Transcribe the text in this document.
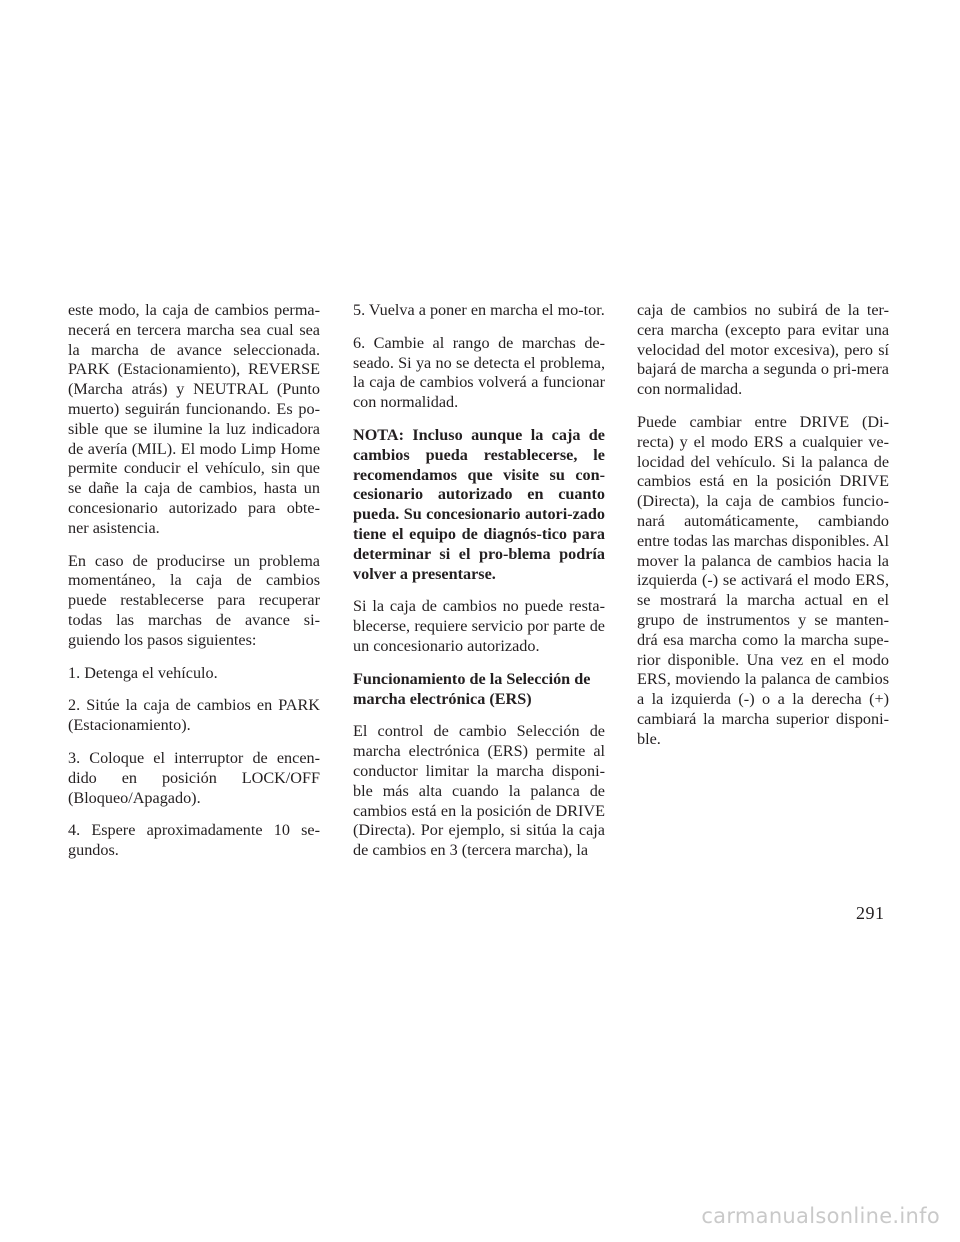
este modo, la caja de cambios perma-necerá en tercera marcha sea cual sea la marcha de avance seleccionada. PARK (Estacionamiento), REVERSE (Marcha atrás) y NEUTRAL (Punto muerto) seguirán funcionando. Es po-sible que se ilumine la luz indicadora de avería (MIL). El modo Limp Home permite conducir el vehículo, sin que se dañe la caja de cambios, hasta un concesionario autorizado para obte-ner asistencia.

En caso de producirse un problema momentáneo, la caja de cambios puede restablecerse para recuperar todas las marchas de avance si-guiendo los pasos siguientes:

1. Detenga el vehículo.

2. Sitúe la caja de cambios en PARK (Estacionamiento).

3. Coloque el interruptor de encen-dido en posición LOCK/OFF (Bloqueo/Apagado).

4. Espere aproximadamente 10 se-gundos.

5. Vuelva a poner en marcha el mo-tor.

6. Cambie al rango de marchas de-seado. Si ya no se detecta el problema, la caja de cambios volverá a funcionar con normalidad.

NOTA: Incluso aunque la caja de cambios pueda restablecerse, le recomendamos que visite su con-cesionario autorizado en cuanto pueda. Su concesionario autori-zado tiene el equipo de diagnós-tico para determinar si el pro-blema podría volver a presentarse.

Si la caja de cambios no puede resta-blecerse, requiere servicio por parte de un concesionario autorizado.

Funcionamiento de la Selección de marcha electrónica (ERS)

El control de cambio Selección de marcha electrónica (ERS) permite al conductor limitar la marcha disponi-ble más alta cuando la palanca de cambios está en la posición de DRIVE (Directa). Por ejemplo, si sitúa la caja de cambios en 3 (tercera marcha), la

caja de cambios no subirá de la ter-cera marcha (excepto para evitar una velocidad del motor excesiva), pero sí bajará de marcha a segunda o pri-mera con normalidad.

Puede cambiar entre DRIVE (Di-recta) y el modo ERS a cualquier ve-locidad del vehículo. Si la palanca de cambios está en la posición DRIVE (Directa), la caja de cambios funcio-nará automáticamente, cambiando entre todas las marchas disponibles. Al mover la palanca de cambios hacia la izquierda (-) se activará el modo ERS, se mostrará la marcha actual en el grupo de instrumentos y se manten-drá esa marcha como la marcha supe-rior disponible. Una vez en el modo ERS, moviendo la palanca de cambios a la izquierda (-) o a la derecha (+) cambiará la marcha superior disponi-ble.

291
carmanualsonline.info
